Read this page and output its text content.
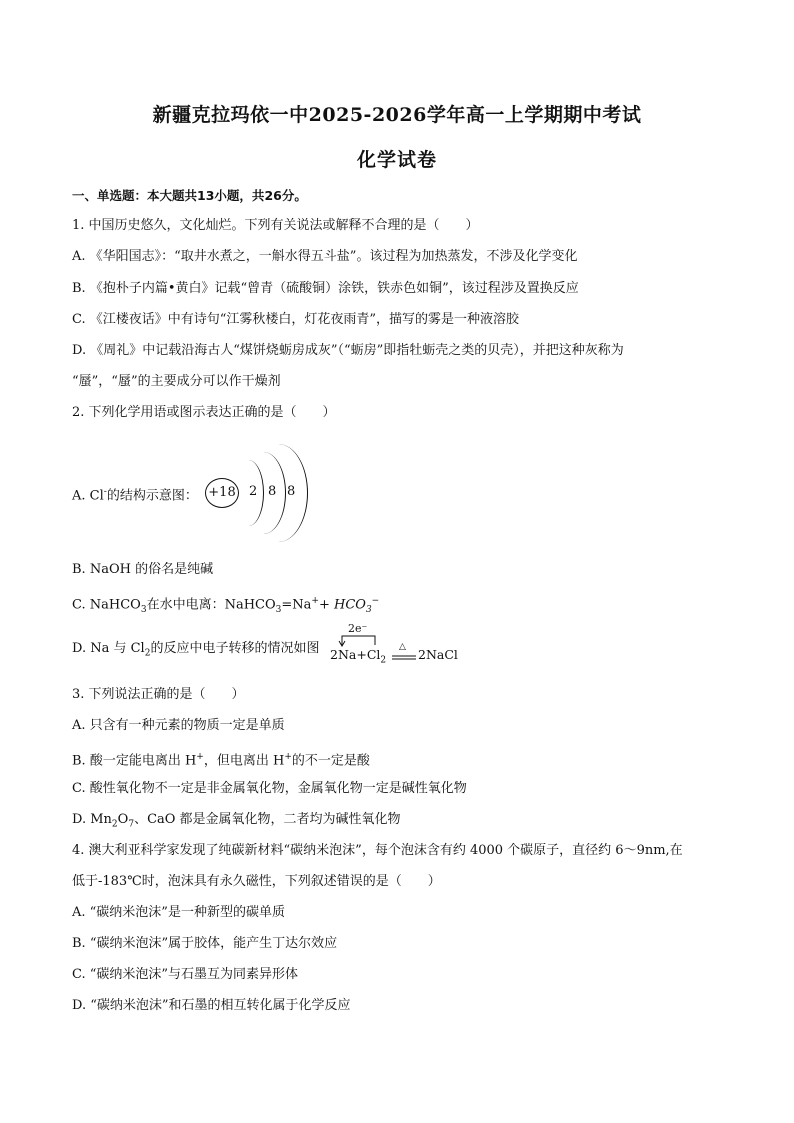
新疆克拉玛依一中2025-2026学年高一上学期期中考试
化学试卷
一、单选题：本大题共13小题，共26分。
1. 中国历史悠久，文化灿烂。下列有关说法或解释不合理的是（　　）
A. 《华阳国志》：“取井水煮之，一斛水得五斗盐”。该过程为加热蒸发，不涉及化学变化
B. 《抱朴子内篇•黄白》记载“曾青（硫酸铜）涂铁，铁赤色如铜”，该过程涉及置换反应
C. 《江楼夜话》中有诗句“江雾秋楼白，灯花夜雨青”，描写的雾是一种液溶胶
D. 《周礼》中记载沿海古人“煤饼烧蛎房成灰”（“蛎房”即指牡蛎壳之类的贝壳），并把这种灰称为
“蜃”，“蜃”的主要成分可以作干燥剂
2. 下列化学用语或图示表达正确的是（　　）
A. Cl-的结构示意图： +18 2 8 8
B. NaOH 的俗名是纯碱
C. NaHCO$_3$在水中电离：NaHCO$_3$=Na++ $HCO_3^-$
D. Na 与 $Cl_2$的反应中电子转移的情况如图
2e⁻
$2Na+Cl_2$
△ 2NaCl
3. 下列说法正确的是（　　）
A. 只含有一种元素的物质一定是单质
B. 酸一定能电离出 H+，但电离出 H+的不一定是酸
C. 酸性氧化物不一定是非金属氧化物，金属氧化物一定是碱性氧化物
D. $Mn_2O_7$、CaO 都是金属氧化物，二者均为碱性氧化物
4. 澳大利亚科学家发现了纯碳新材料“碳纳米泡沫”，每个泡沫含有约 4000 个碳原子，直径约 6～9nm,在
低于-183℃时，泡沫具有永久磁性，下列叙述错误的是（　　）
A. “碳纳米泡沫”是一种新型的碳单质
B. “碳纳米泡沫”属于胶体，能产生丁达尔效应
C. “碳纳米泡沫”与石墨互为同素异形体
D. “碳纳米泡沫”和石墨的相互转化属于化学反应
